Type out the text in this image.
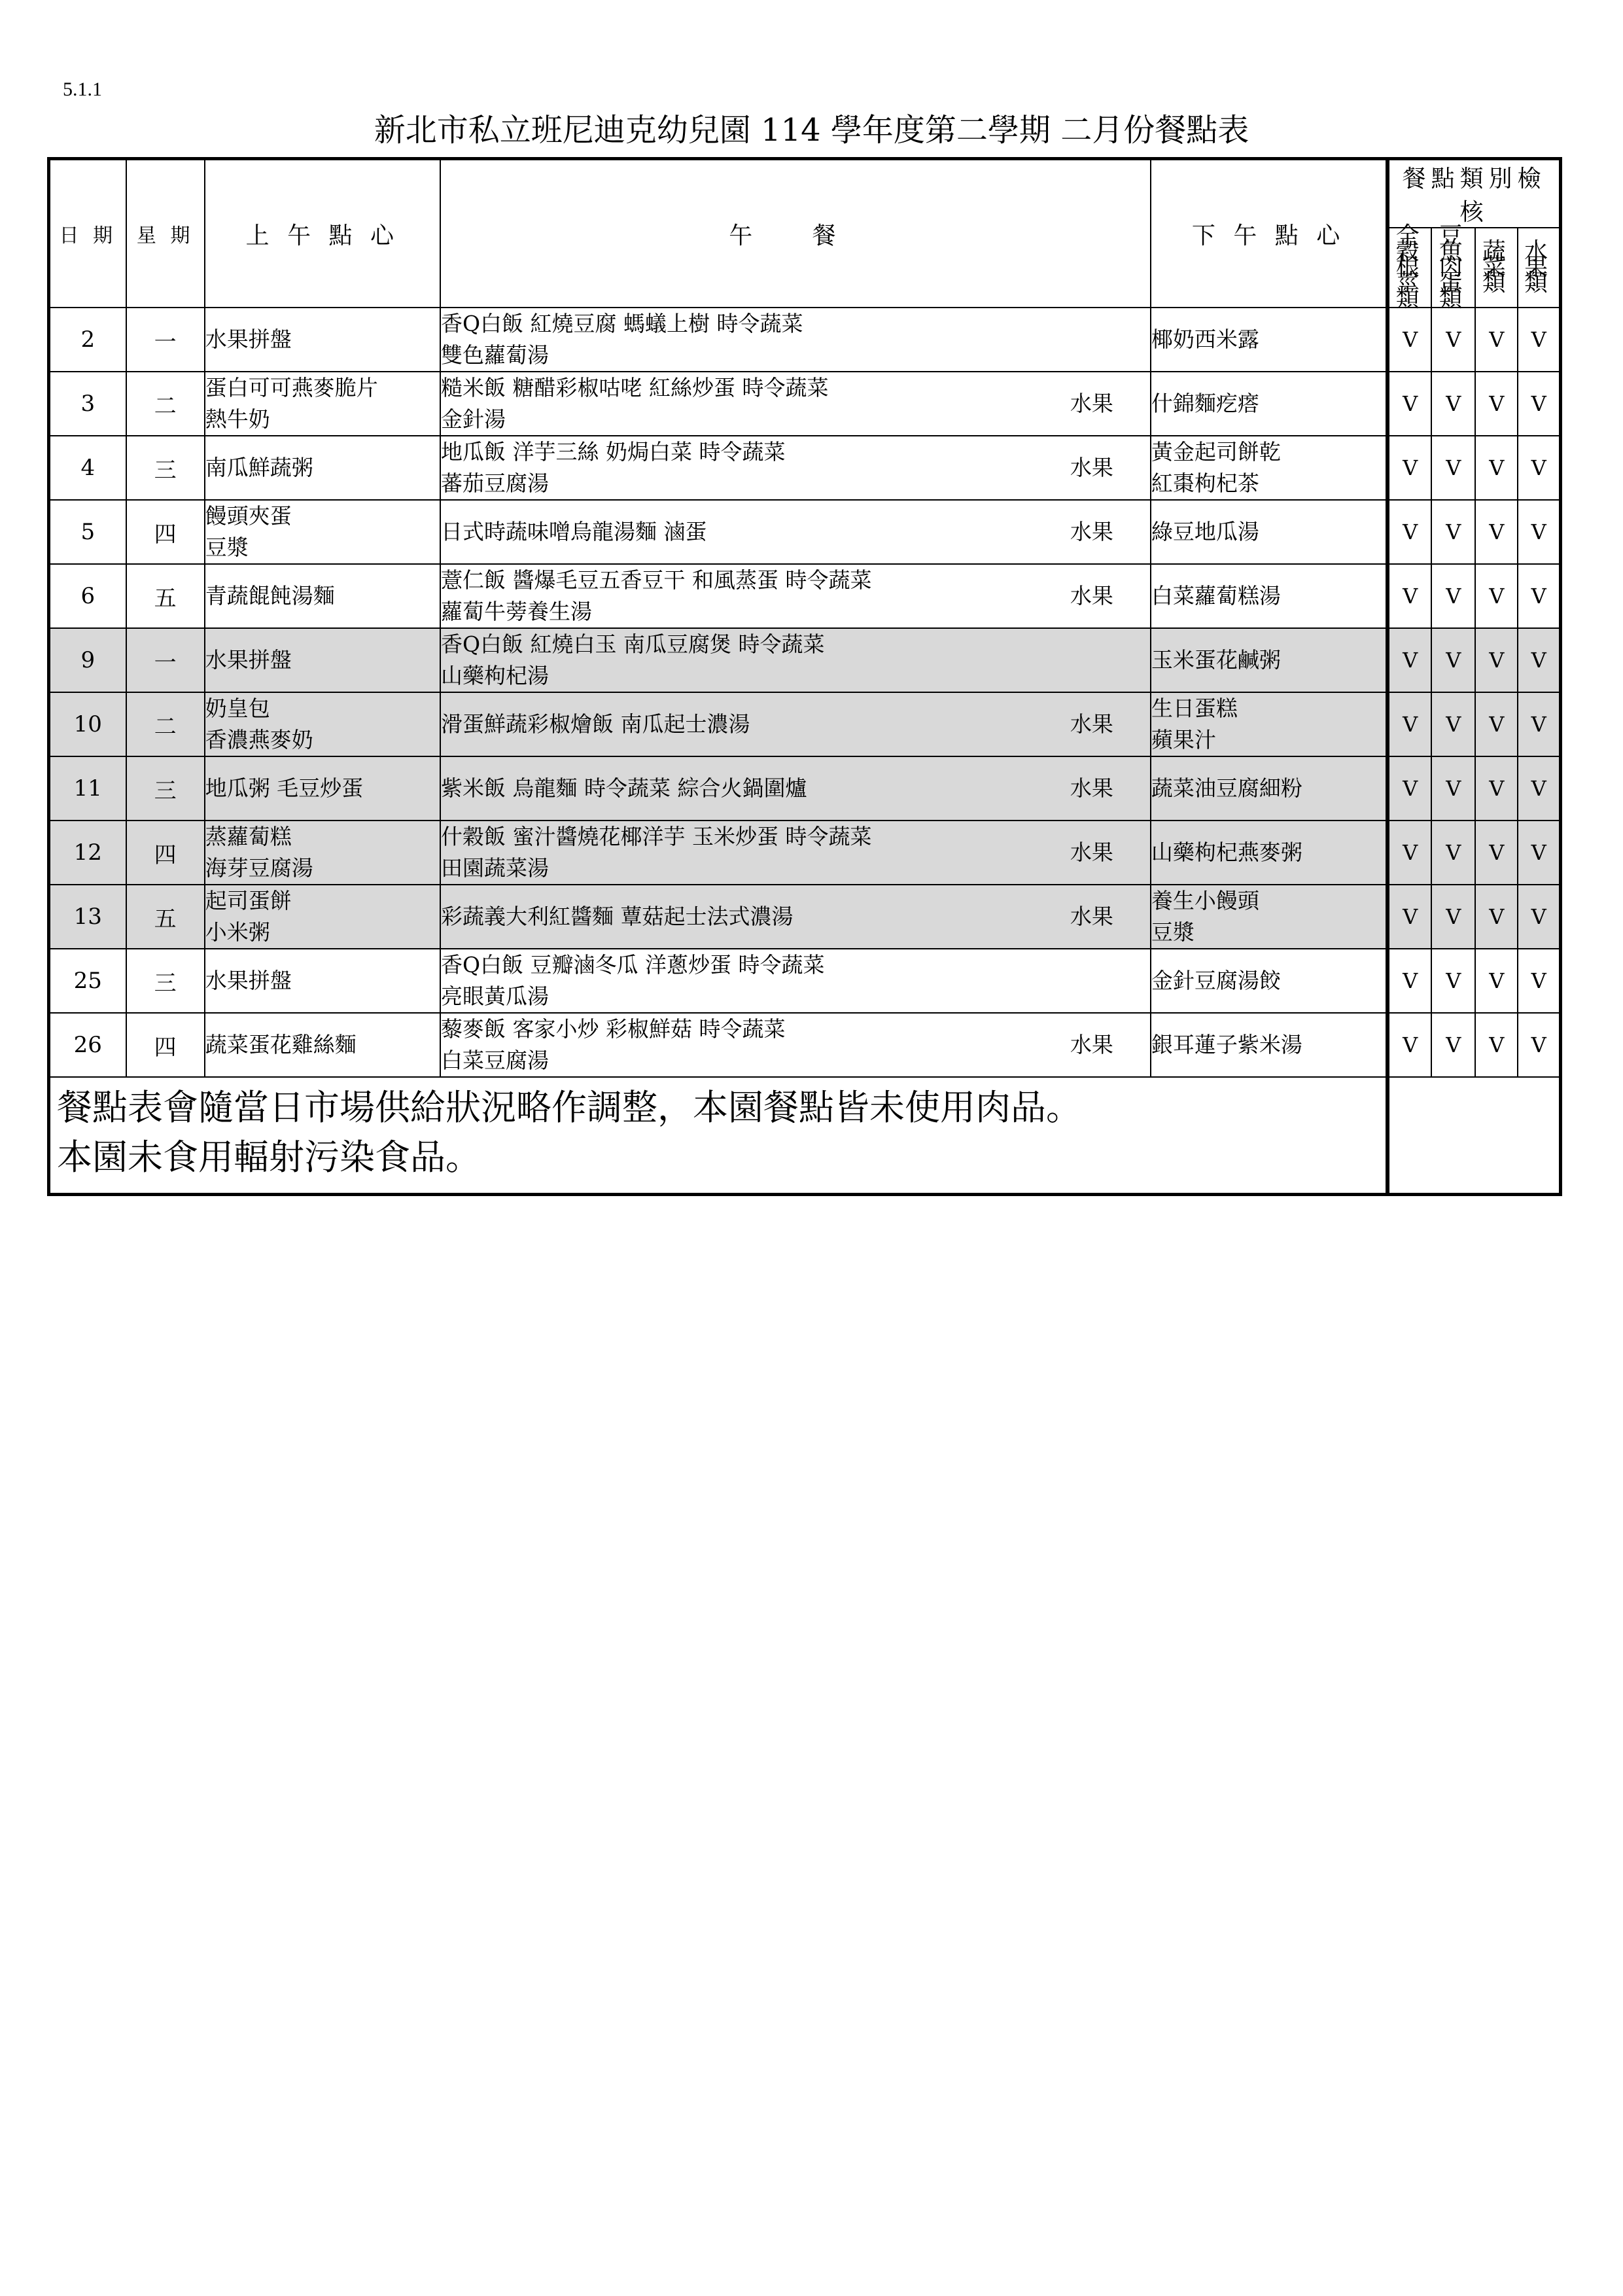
5.1.1
新北市私立班尼迪克幼兒園 114 學年度第二學期 二月份餐點表
日 期	星 期	上 午 點 心	午 餐	下 午 點 心	餐點類別檢核			
					全穀根莖類	豆魚肉蛋類	蔬菜類	水果類
2	一	水果拼盤	香Q白飯 紅燒豆腐 螞蟻上樹 時令蔬菜
雙色蘿蔔湯	椰奶西米露	V	V	V	V
3	二	蛋白可可燕麥脆片
熱牛奶	糙米飯 糖醋彩椒咕咾 紅絲炒蛋 時令蔬菜
金針湯
水果	什錦麵疙瘩	V	V	V	V
4	三	南瓜鮮蔬粥	地瓜飯 洋芋三絲 奶焗白菜 時令蔬菜
蕃茄豆腐湯
水果	黃金起司餅乾
紅棗枸杞茶	V	V	V	V
5	四	饅頭夾蛋
豆漿	日式時蔬味噌烏龍湯麵 滷蛋 水果	綠豆地瓜湯	V	V	V	V
6	五	青蔬餛飩湯麵	薏仁飯 醬爆毛豆五香豆干 和風蒸蛋 時令蔬菜
蘿蔔牛蒡養生湯
水果	白菜蘿蔔糕湯	V	V	V	V
9	一	水果拼盤	香Q白飯 紅燒白玉 南瓜豆腐煲 時令蔬菜
山藥枸杞湯	玉米蛋花鹹粥	V	V	V	V
10	二	奶皇包
香濃燕麥奶	滑蛋鮮蔬彩椒燴飯 南瓜起士濃湯 水果	生日蛋糕
蘋果汁	V	V	V	V
11	三	地瓜粥 毛豆炒蛋	紫米飯 烏龍麵 時令蔬菜 綜合火鍋圍爐 水果	蔬菜油豆腐細粉	V	V	V	V
12	四	蒸蘿蔔糕
海芽豆腐湯	什穀飯 蜜汁醬燒花椰洋芋 玉米炒蛋 時令蔬菜
田園蔬菜湯
水果	山藥枸杞燕麥粥	V	V	V	V
13	五	起司蛋餅
小米粥	彩蔬義大利紅醬麵 蕈菇起士法式濃湯 水果	養生小饅頭
豆漿	V	V	V	V
25	三	水果拼盤	香Q白飯 豆瓣滷冬瓜 洋蔥炒蛋 時令蔬菜
亮眼黃瓜湯	金針豆腐湯餃	V	V	V	V
26	四	蔬菜蛋花雞絲麵	藜麥飯 客家小炒 彩椒鮮菇 時令蔬菜
白菜豆腐湯
水果	銀耳蓮子紫米湯	V	V	V	V

餐點表會隨當日市場供給狀況略作調整，本園餐點皆未使用肉品。
本園未食用輻射污染食品。								
